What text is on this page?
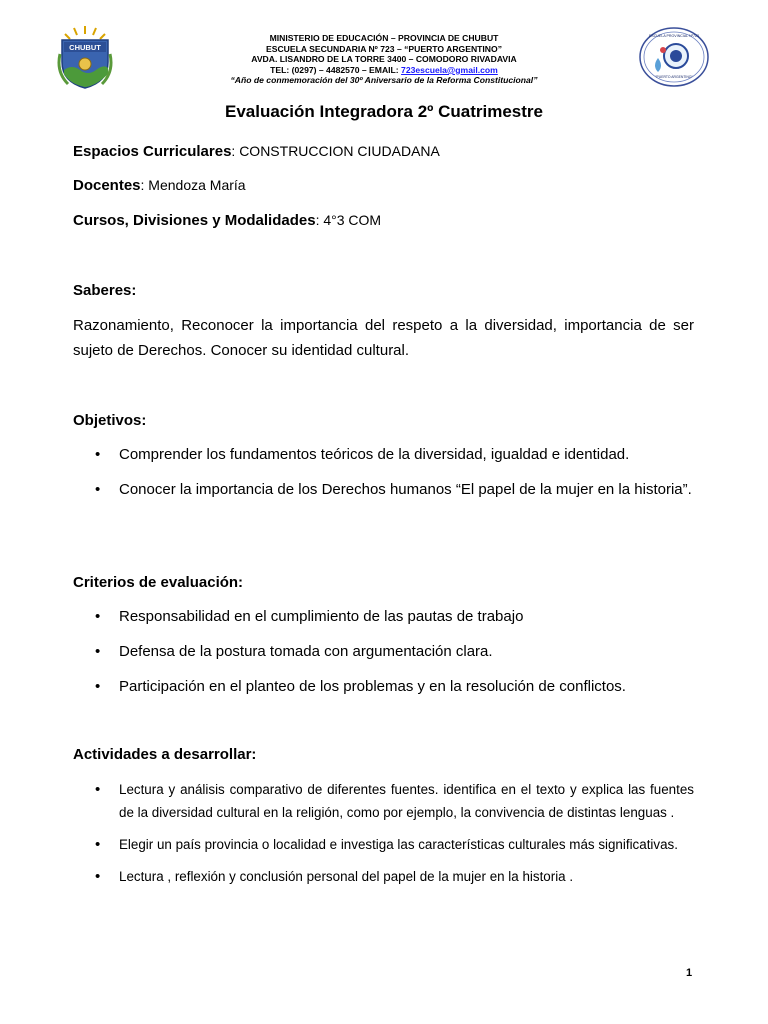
CHUBUT
MINISTERIO DE EDUCACIÓN – PROVINCIA DE CHUBUT
ESCUELA SECUNDARIA Nº 723 – “PUERTO ARGENTINO”
AVDA. LISANDRO DE LA TORRE 3400 – COMODORO RIVADAVIA
TEL: (0297) – 4482570 – EMAIL: 723escuela@gmail.com
“Año de conmemoración del 30º Aniversario de la Reforma Constitucional”
ESCUELA PROVINCIAL Nº723
"PUERTO ARGENTINO"
Evaluación Integradora 2º Cuatrimestre
Espacios Curriculares: CONSTRUCCION CIUDADANA
Docentes: Mendoza María
Cursos, Divisiones y Modalidades: 4°3 COM
Saberes:
Razonamiento, Reconocer la importancia del respeto a la diversidad, importancia de ser sujeto de Derechos. Conocer su identidad cultural.
Objetivos:
• Comprender los fundamentos teóricos de la diversidad, igualdad e identidad.
• Conocer la importancia de los Derechos humanos “El papel de la mujer en la historia”.
Criterios de evaluación:
• Responsabilidad en el cumplimiento de las pautas de trabajo
• Defensa de la postura tomada con argumentación clara.
• Participación en el planteo de los problemas y en la resolución de conflictos.
Actividades a desarrollar:
• Lectura y análisis comparativo de diferentes fuentes. identifica en el texto y explica las fuentes de la diversidad cultural en la religión, como por ejemplo, la convivencia de distintas lenguas .
• Elegir un país provincia o localidad e investiga las características culturales más significativas.
• Lectura , reflexión y conclusión personal del papel de la mujer en la historia .
1
